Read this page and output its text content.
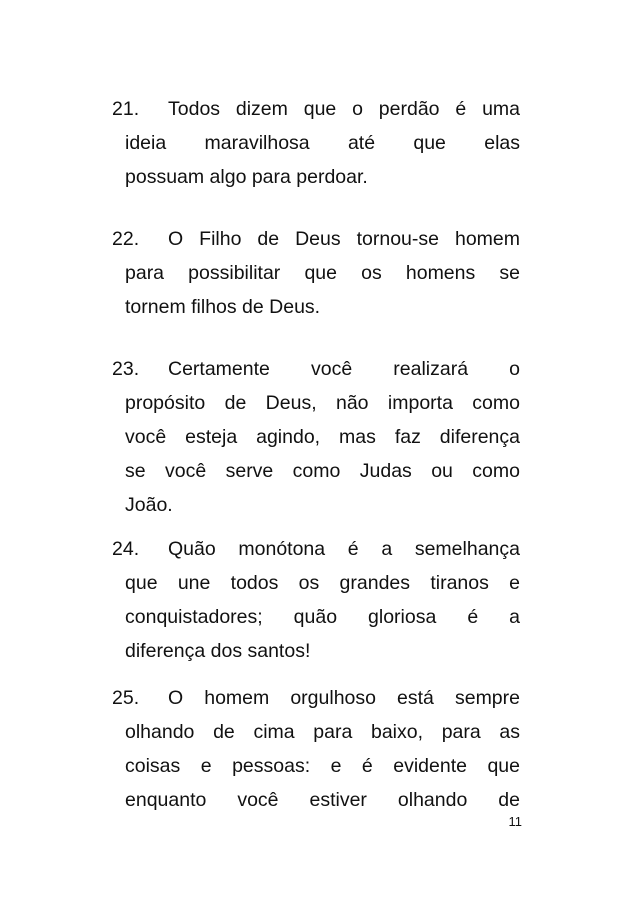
21. Todos dizem que o perdão é uma
ideia maravilhosa até que elas
possuam algo para perdoar.
22. O Filho de Deus tornou-se homem
para possibilitar que os homens se
tornem filhos de Deus.
23. Certamente você realizará o
propósito de Deus, não importa como
você esteja agindo, mas faz diferença
se você serve como Judas ou como
João.
24. Quão monótona é a semelhança
que une todos os grandes tiranos e
conquistadores; quão gloriosa é a
diferença dos santos!
25. O homem orgulhoso está sempre
olhando de cima para baixo, para as
coisas e pessoas: e é evidente que
enquanto você estiver olhando de
11
